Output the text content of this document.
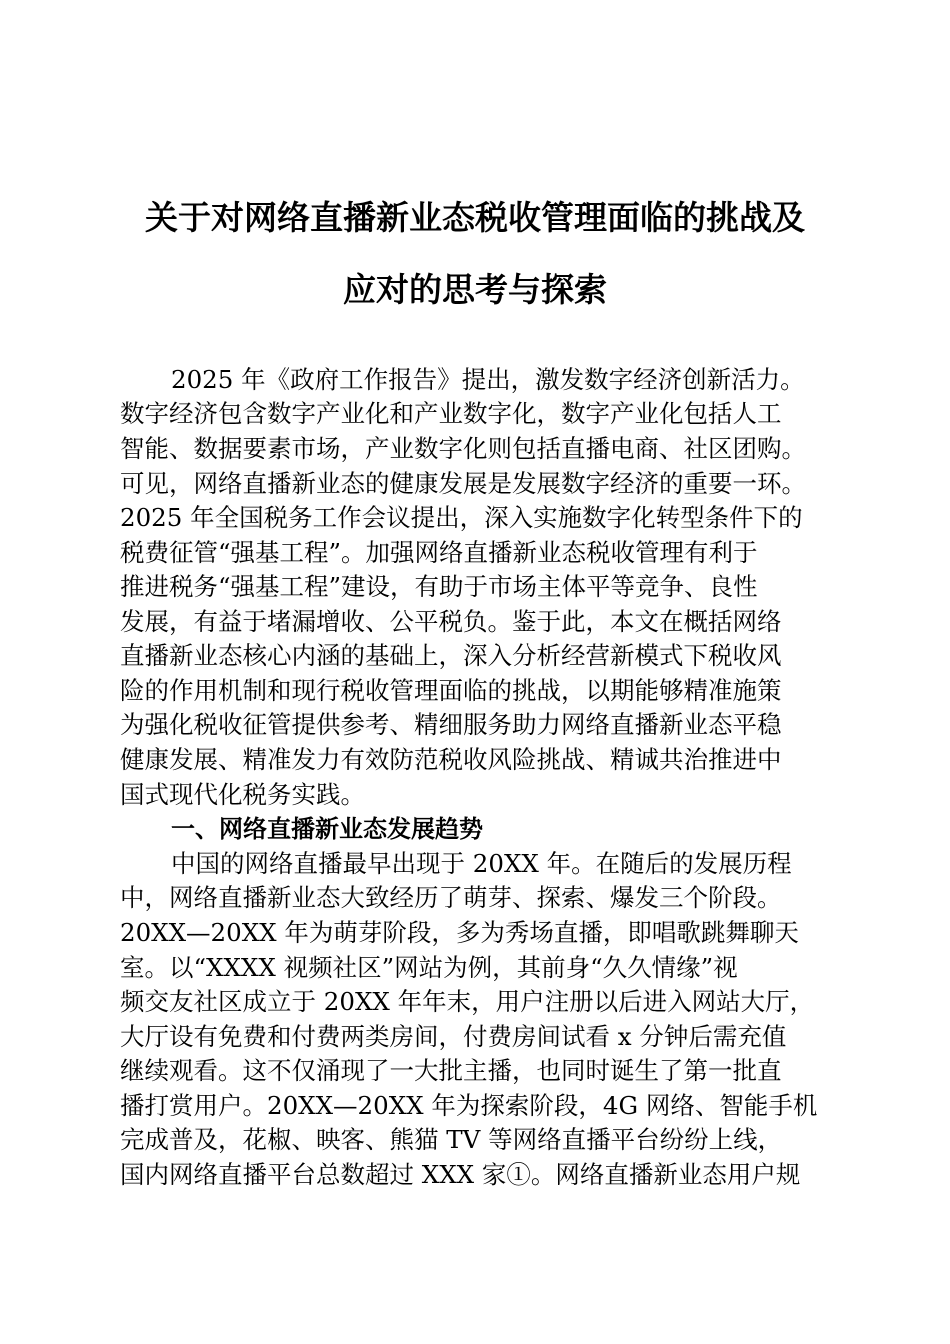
关于对网络直播新业态税收管理面临的挑战及
应对的思考与探索
2025 年《政府工作报告》提出，激发数字经济创新活力。
数字经济包含数字产业化和产业数字化，数字产业化包括人工
智能、数据要素市场，产业数字化则包括直播电商、社区团购。
可见，网络直播新业态的健康发展是发展数字经济的重要一环。
2025 年全国税务工作会议提出，深入实施数字化转型条件下的
税费征管“强基工程”。加强网络直播新业态税收管理有利于
推进税务“强基工程”建设，有助于市场主体平等竞争、良性
发展，有益于堵漏增收、公平税负。鉴于此，本文在概括网络
直播新业态核心内涵的基础上，深入分析经营新模式下税收风
险的作用机制和现行税收管理面临的挑战，以期能够精准施策
为强化税收征管提供参考、精细服务助力网络直播新业态平稳
健康发展、精准发力有效防范税收风险挑战、精诚共治推进中
国式现代化税务实践。
一、网络直播新业态发展趋势
中国的网络直播最早出现于 20XX 年。在随后的发展历程
中，网络直播新业态大致经历了萌芽、探索、爆发三个阶段。
20XX—20XX 年为萌芽阶段，多为秀场直播，即唱歌跳舞聊天
室。以“XXXX 视频社区”网站为例，其前身“久久情缘”视
频交友社区成立于 20XX 年年末，用户注册以后进入网站大厅，
大厅设有免费和付费两类房间，付费房间试看 x 分钟后需充值
继续观看。这不仅涌现了一大批主播，也同时诞生了第一批直
播打赏用户。20XX—20XX 年为探索阶段，4G 网络、智能手机
完成普及，花椒、映客、熊猫 TV 等网络直播平台纷纷上线，
国内网络直播平台总数超过 XXX 家①。网络直播新业态用户规
